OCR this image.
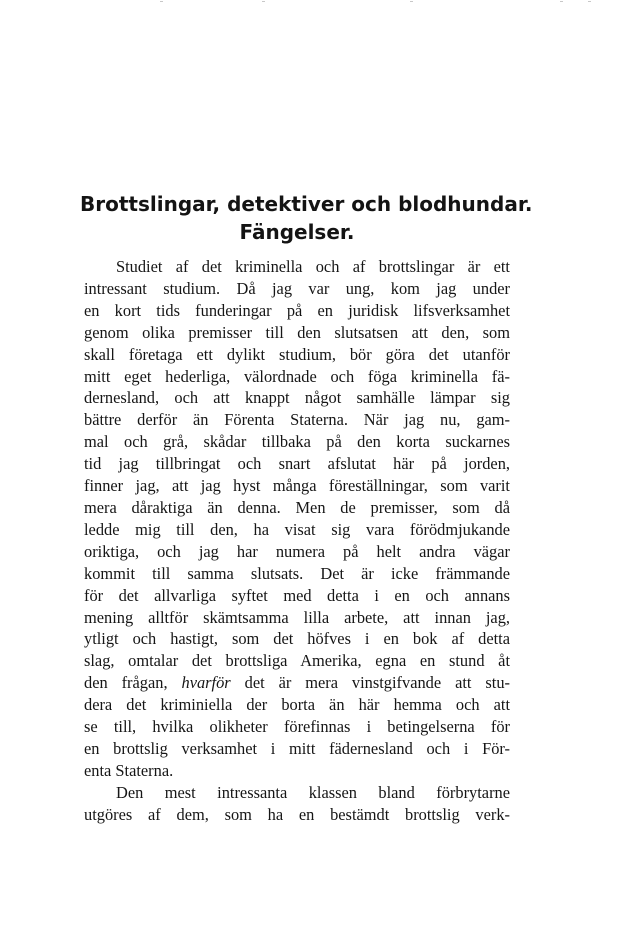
Brottslingar, detektiver och blodhundar.
Fängelser.
Studiet af det kriminella och af brottslingar är ett
intressant studium. Då jag var ung, kom jag under
en kort tids funderingar på en juridisk lifsverksamhet
genom olika premisser till den slutsatsen att den, som
skall företaga ett dylikt studium, bör göra det utanför
mitt eget hederliga, välordnade och föga kriminella fä-
dernesland, och att knappt något samhälle lämpar sig
bättre derför än Förenta Staterna. När jag nu, gam-
mal och grå, skådar tillbaka på den korta suckarnes
tid jag tillbringat och snart afslutat här på jorden,
finner jag, att jag hyst många föreställningar, som varit
mera dåraktiga än denna. Men de premisser, som då
ledde mig till den, ha visat sig vara förödmjukande
oriktiga, och jag har numera på helt andra vägar
kommit till samma slutsats. Det är icke främmande
för det allvarliga syftet med detta i en och annans
mening alltför skämtsamma lilla arbete, att innan jag,
ytligt och hastigt, som det höfves i en bok af detta
slag, omtalar det brottsliga Amerika, egna en stund åt
den frågan, hvarför det är mera vinstgifvande att stu-
dera det kriminiella der borta än här hemma och att
se till, hvilka olikheter förefinnas i betingelserna för
en brottslig verksamhet i mitt fädernesland och i För-
enta Staterna.
Den mest intressanta klassen bland förbrytarne
utgöres af dem, som ha en bestämdt brottslig verk-
